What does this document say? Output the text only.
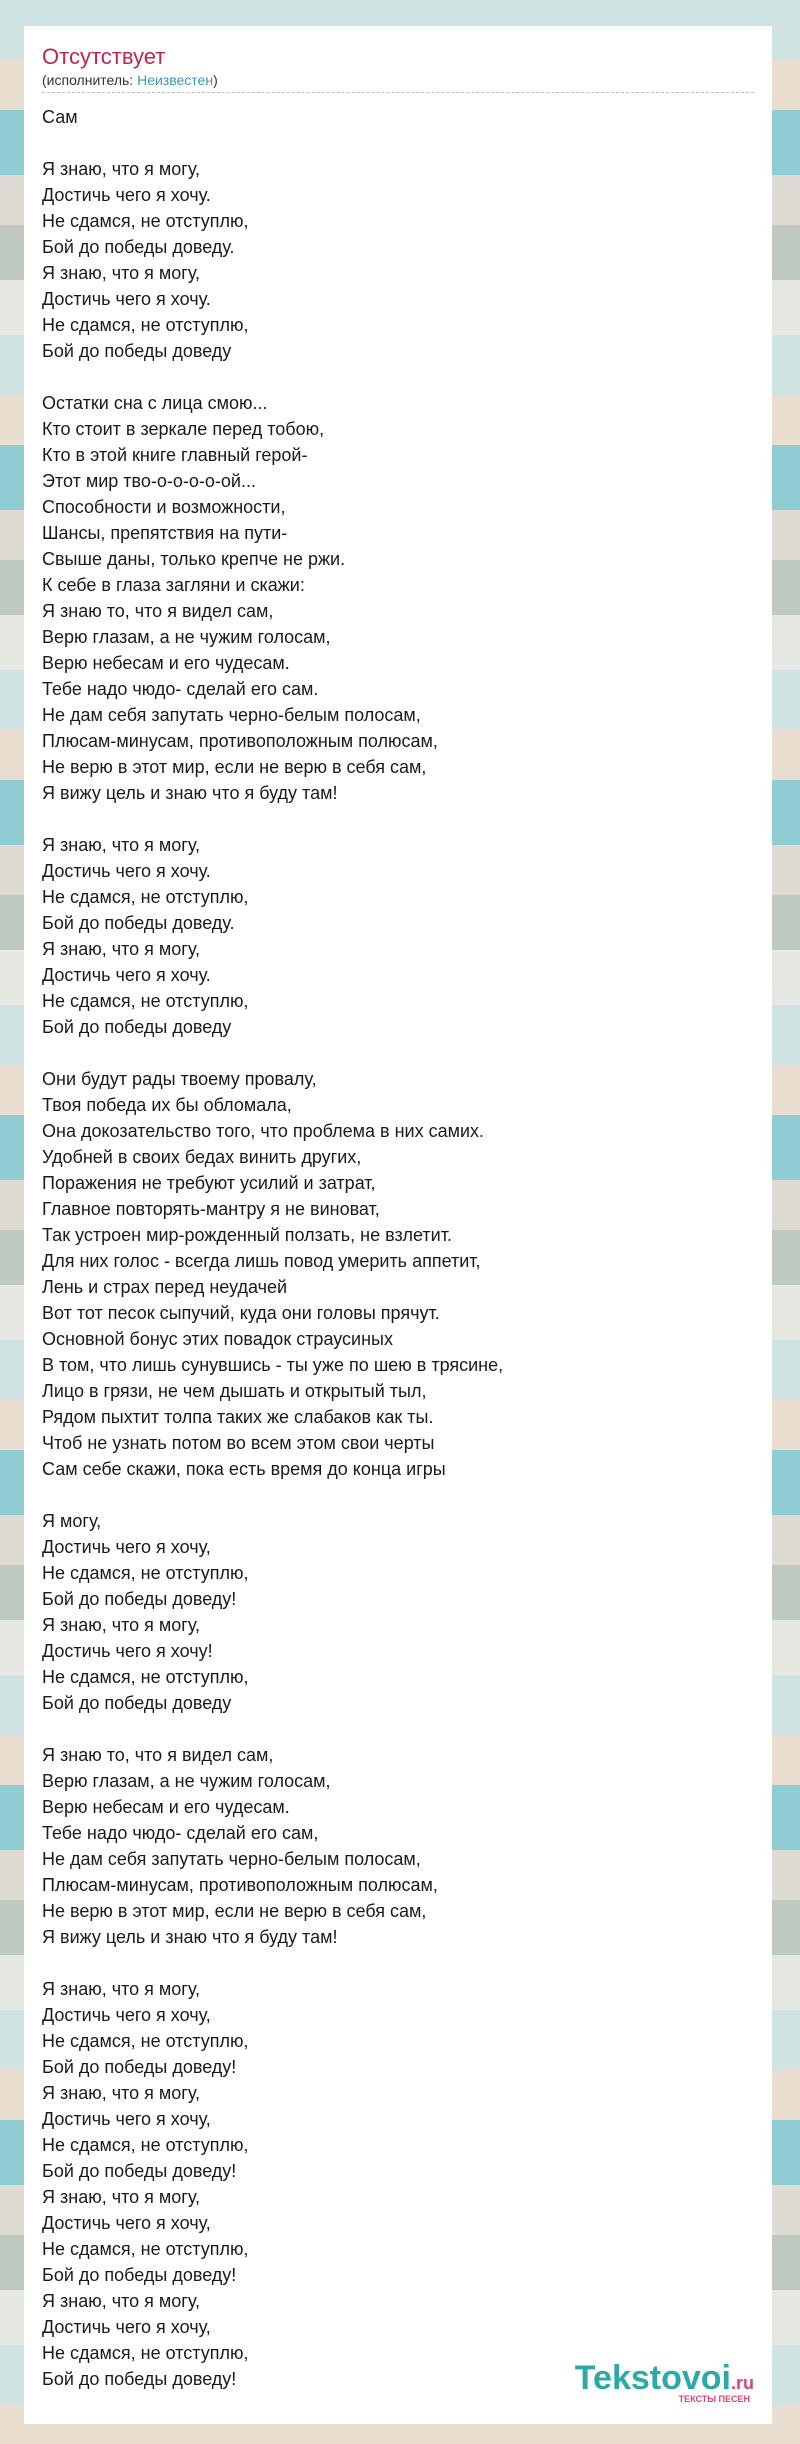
Отсутствует
(исполнитель: Неизвестен)
Сам
Я знаю, что я могу,
Достичь чего я хочу.
Не сдамся, не отступлю,
Бой до победы доведу.
Я знаю, что я могу,
Достичь чего я хочу.
Не сдамся, не отступлю,
Бой до победы доведу
Остатки сна с лица смою...
Кто стоит в зеркале перед тобою,
Кто в этой книге главный герой-
Этот мир тво-о-о-о-о-ой...
Способности и возможности,
Шансы, препятствия на пути-
Свыше даны, только крепче не ржи.
К себе в глаза загляни и скажи:
Я знаю то, что я видел сам,
Верю глазам, а не чужим голосам,
Верю небесам и его чудесам.
Тебе надо чюдо- сделай его сам.
Не дам себя запутать черно-белым полосам,
Плюсам-минусам, противоположным полюсам,
Не верю в этот мир, если не верю в себя сам,
Я вижу цель и знаю что я буду там!
Я знаю, что я могу,
Достичь чего я хочу.
Не сдамся, не отступлю,
Бой до победы доведу.
Я знаю, что я могу,
Достичь чего я хочу.
Не сдамся, не отступлю,
Бой до победы доведу
Они будут рады твоему провалу,
Твоя победа их бы обломала,
Она докозательство того, что проблема в них самих.
Удобней в своих бедах винить других,
Поражения не требуют усилий и затрат,
Главное повторять-мантру я не виноват,
Так устроен мир-рожденный ползать, не взлетит.
Для них голос - всегда лишь повод умерить аппетит,
Лень и страх перед неудачей
Вот тот песок сыпучий, куда они головы прячут.
Основной бонус этих повадок страусиных
В том, что лишь сунувшись - ты уже по шею в трясине,
Лицо в грязи, не чем дышать и открытый тыл,
Рядом пыхтит толпа таких же слабаков как ты.
Чтоб не узнать потом во всем этом свои черты
Сам себе скажи, пока есть время до конца игры
Я могу,
Достичь чего я хочу,
Не сдамся, не отступлю,
Бой до победы доведу!
Я знаю, что я могу,
Достичь чего я хочу!
Не сдамся, не отступлю,
Бой до победы доведу
Я знаю то, что я видел сам,
Верю глазам, а не чужим голосам,
Верю небесам и его чудесам.
Тебе надо чюдо- сделай его сам,
Не дам себя запутать черно-белым полосам,
Плюсам-минусам, противоположным полюсам,
Не верю в этот мир, если не верю в себя сам,
Я вижу цель и знаю что я буду там!
Я знаю, что я могу,
Достичь чего я хочу,
Не сдамся, не отступлю,
Бой до победы доведу!
Я знаю, что я могу,
Достичь чего я хочу,
Не сдамся, не отступлю,
Бой до победы доведу!
Я знаю, что я могу,
Достичь чего я хочу,
Не сдамся, не отступлю,
Бой до победы доведу!
Я знаю, что я могу,
Достичь чего я хочу,
Не сдамся, не отступлю,
Бой до победы доведу!	Tekstovoi.ru
ТЕКСТЫ ПЕСЕН
